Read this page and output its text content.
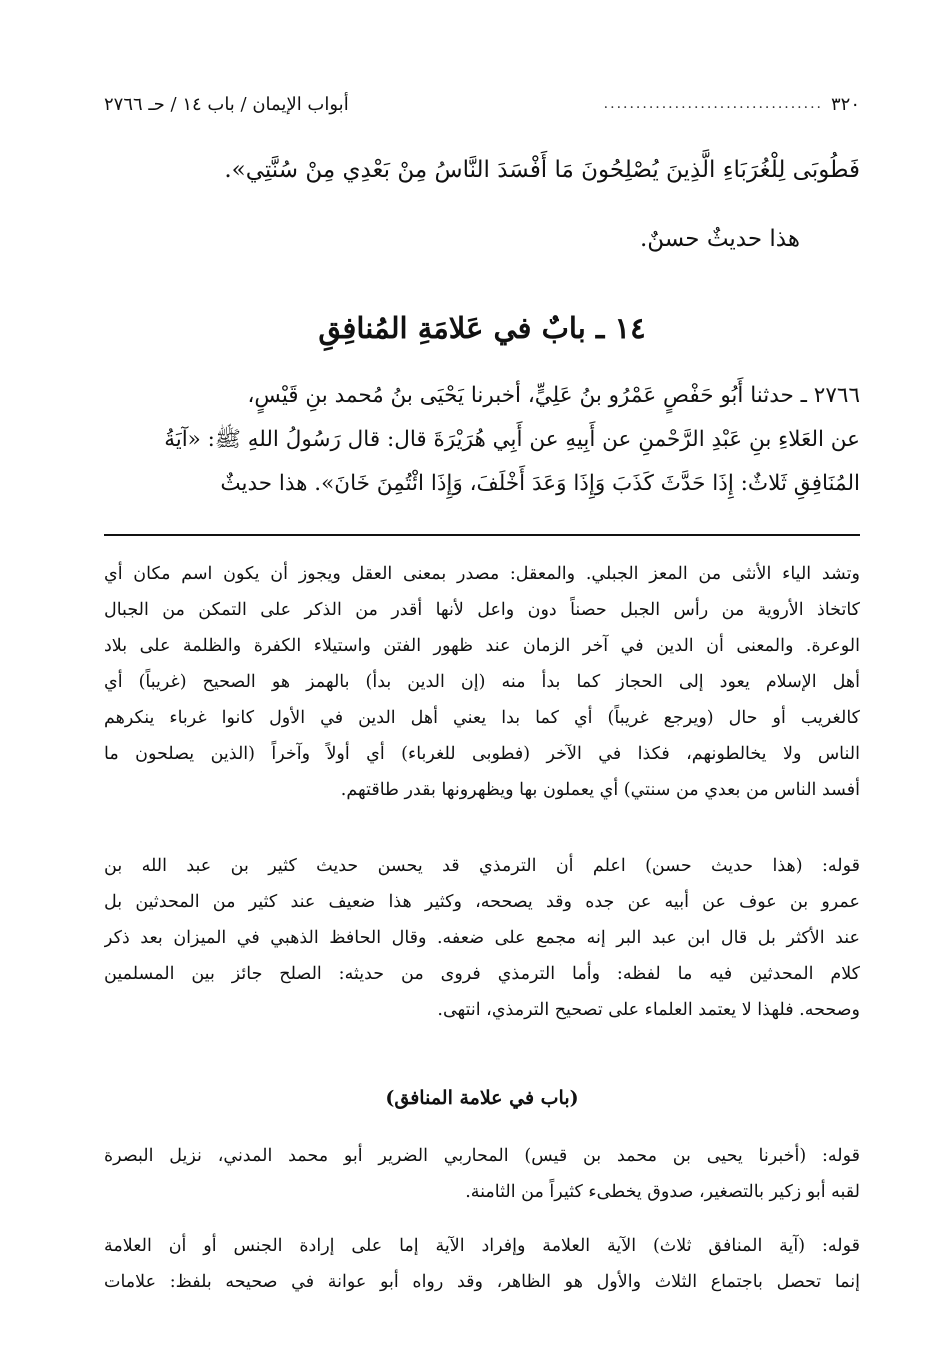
٣٢٠
..................................
أبواب الإيمان / باب ١٤ / حـ ٢٧٦٦
فَطُوبَى لِلْغُرَبَاءِ الَّذِينَ يُصْلِحُونَ مَا أَفْسَدَ النَّاسُ مِنْ بَعْدِي مِنْ سُنَّتِي».
هذا حديثٌ حسنٌ.
١٤ ـ بابٌ في عَلامَةِ المُنافِقِ
٢٧٦٦ ـ حدثنا أَبُو حَفْصٍ عَمْرُو بنُ عَلِيٍّ، أخبرنا يَحْيَى بنُ مُحمد بنِ قَيْسٍ،
عن العَلاءِ بنِ عَبْدِ الرَّحْمنِ عن أَبِيهِ عن أَبِي هُرَيْرَةَ قال: قال رَسُولُ اللهِ ﷺ: «آيَةُ
المُنَافِقِ ثَلاثٌ: إِذَا حَدَّثَ كَذَبَ وَإِذَا وَعَدَ أَخْلَفَ، وَإِذَا ائْتُمِنَ خَانَ». هذا حديثٌ
وتشد الياء الأنثى من المعز الجبلي. والمعقل: مصدر بمعنى العقل ويجوز أن يكون اسم مكان أي
كاتخاذ الأروية من رأس الجبل حصناً دون واعل لأنها أقدر من الذكر على التمكن من الجبال
الوعرة. والمعنى أن الدين في آخر الزمان عند ظهور الفتن واستيلاء الكفرة والظلمة على بلاد
أهل الإسلام يعود إلى الحجاز كما بدأ منه (إن الدين بدأ) بالهمز هو الصحيح (غريباً) أي
كالغريب أو حال (ويرجع غريباً) أي كما بدا يعني أهل الدين في الأول كانوا غرباء ينكرهم
الناس ولا يخالطونهم، فكذا في الآخر (فطوبى للغرباء) أي أولاً وآخراً (الذين يصلحون ما
أفسد الناس من بعدي من سنتي) أي يعملون بها ويظهرونها بقدر طاقتهم.
قوله: (هذا حديث حسن) اعلم أن الترمذي قد يحسن حديث كثير بن عبد الله بن
عمرو بن عوف عن أبيه عن جده وقد يصححه، وكثير هذا ضعيف عند كثير من المحدثين بل
عند الأكثر بل قال ابن عبد البر إنه مجمع على ضعفه. وقال الحافظ الذهبي في الميزان بعد ذكر
كلام المحدثين فيه ما لفظه: وأما الترمذي فروى من حديثه: الصلح جائز بين المسلمين
وصححه. فلهذا لا يعتمد العلماء على تصحيح الترمذي، انتهى.
(باب في علامة المنافق)
قوله: (أخبرنا يحيى بن محمد بن قيس) المحاربي الضرير أبو محمد المدني، نزيل البصرة
لقبه أبو زكير بالتصغير، صدوق يخطىء كثيراً من الثامنة.
قوله: (آية المنافق ثلاث) الآية العلامة وإفراد الآية إما على إرادة الجنس أو أن العلامة
إنما تحصل باجتماع الثلاث والأول هو الظاهر، وقد رواه أبو عوانة في صحيحه بلفظ: علامات
